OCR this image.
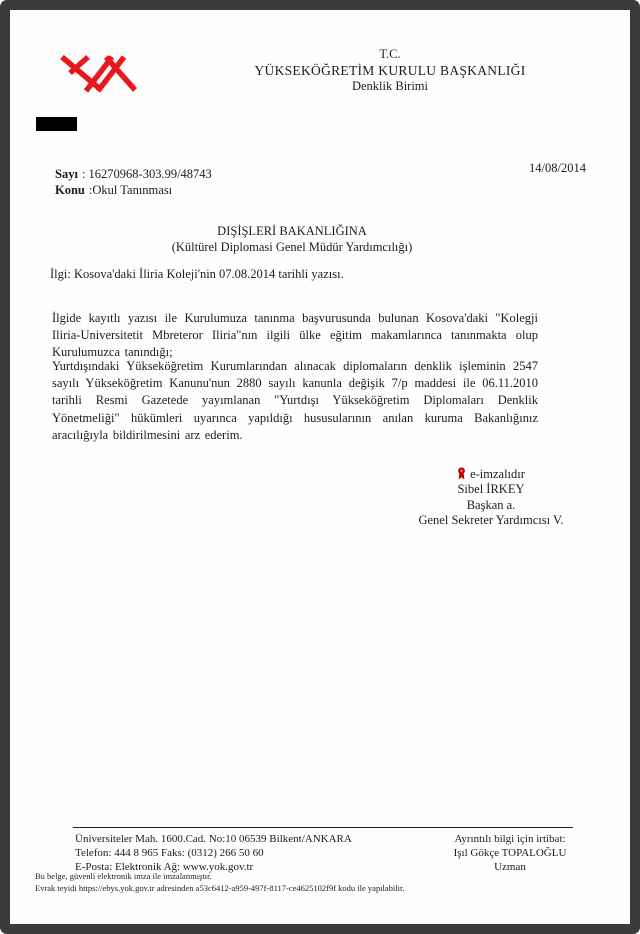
T.C.
YÜKSEKÖĞRETİM KURULU BAŞKANLIĞI
Denklik Birimi
14/08/2014
Sayı : 16270968-303.99/48743
Konu :Okul Tanınması
DIŞİŞLERİ BAKANLIĞINA
(Kültürel Diplomasi Genel Müdür Yardımcılığı)
İlgi: Kosova'daki İliria Koleji'nin 07.08.2014 tarihli yazısı.
İlgide kayıtlı yazısı ile Kurulumuza tanınma başvurusunda bulunan Kosova'daki "Kolegji Iliria-Universitetit Mbreteror Iliria"nın ilgili ülke eğitim makamlarınca tanınmakta olup Kurulumuzca tanındığı;
Yurtdışındaki Yükseköğretim Kurumlarından alınacak diplomaların denklik işleminin 2547 sayılı Yükseköğretim Kanunu'nun 2880 sayılı kanunla değişik 7/p maddesi ile 06.11.2010 tarihli Resmi Gazetede yayımlanan "Yurtdışı Yükseköğretim Diplomaları Denklik Yönetmeliği" hükümleri uyarınca yapıldığı hususularının anılan kuruma Bakanlığınız aracılığıyla bildirilmesini arz ederim.
e-imzalıdır
Sibel İRKEY
Başkan a.
Genel Sekreter Yardımcısı V.
Üniversiteler Mah. 1600.Cad. No:10 06539 Bilkent/ANKARA
Telefon: 444 8 965 Faks: (0312) 266 50 60
E-Posta: Elektronik Ağ: www.yok.gov.tr
Ayrıntılı bilgi için irtibat:
Işıl Gökçe TOPALOĞLU
Uzman
Bu belge, güvenli elektronik imza ile imzalanmıştır.
Evrak teyidi https://ebys.yok.gov.tr adresinden a53c6412-a959-497f-8117-ce4625102f9f kodu ile yapılabilir.
